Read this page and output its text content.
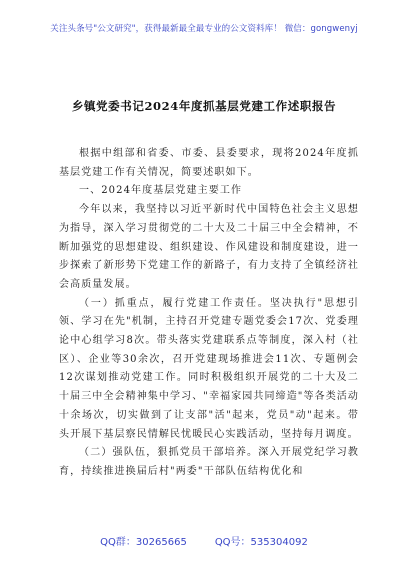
关注头条号"公文研究"，获得最新最全最专业的公文资料库！ 微信：gongwenyj
乡镇党委书记2024年度抓基层党建工作述职报告

根据中组部和省委、市委、县委要求，现将2024年度抓基层党建工作有关情况，简要述职如下。

一、2024年度基层党建主要工作

今年以来，我坚持以习近平新时代中国特色社会主义思想为指导，深入学习贯彻党的二十大及二十届三中全会精神，不断加强党的思想建设、组织建设、作风建设和制度建设，进一步探索了新形势下党建工作的新路子，有力支持了全镇经济社会高质量发展。

（一）抓重点，履行党建工作责任。坚决执行"思想引领、学习在先"机制，主持召开党建专题党委会17次、党委理论中心组学习8次。带头落实党建联系点等制度，深入村（社区）、企业等30余次，召开党建现场推进会11次、专题例会12次谋划推动党建工作。同时积极组织开展党的二十大及二十届三中全会精神集中学习、"幸福家园共同缔造"等各类活动十余场次，切实做到了让支部"活"起来，党员"动"起来。带头开展下基层察民情解民忧暖民心实践活动，坚持每月调度。

（二）强队伍，狠抓党员干部培养。深入开展党纪学习教育，持续推进换届后村"两委"干部队伍结构优化和

QQ群：30265665	QQ号：535304092
